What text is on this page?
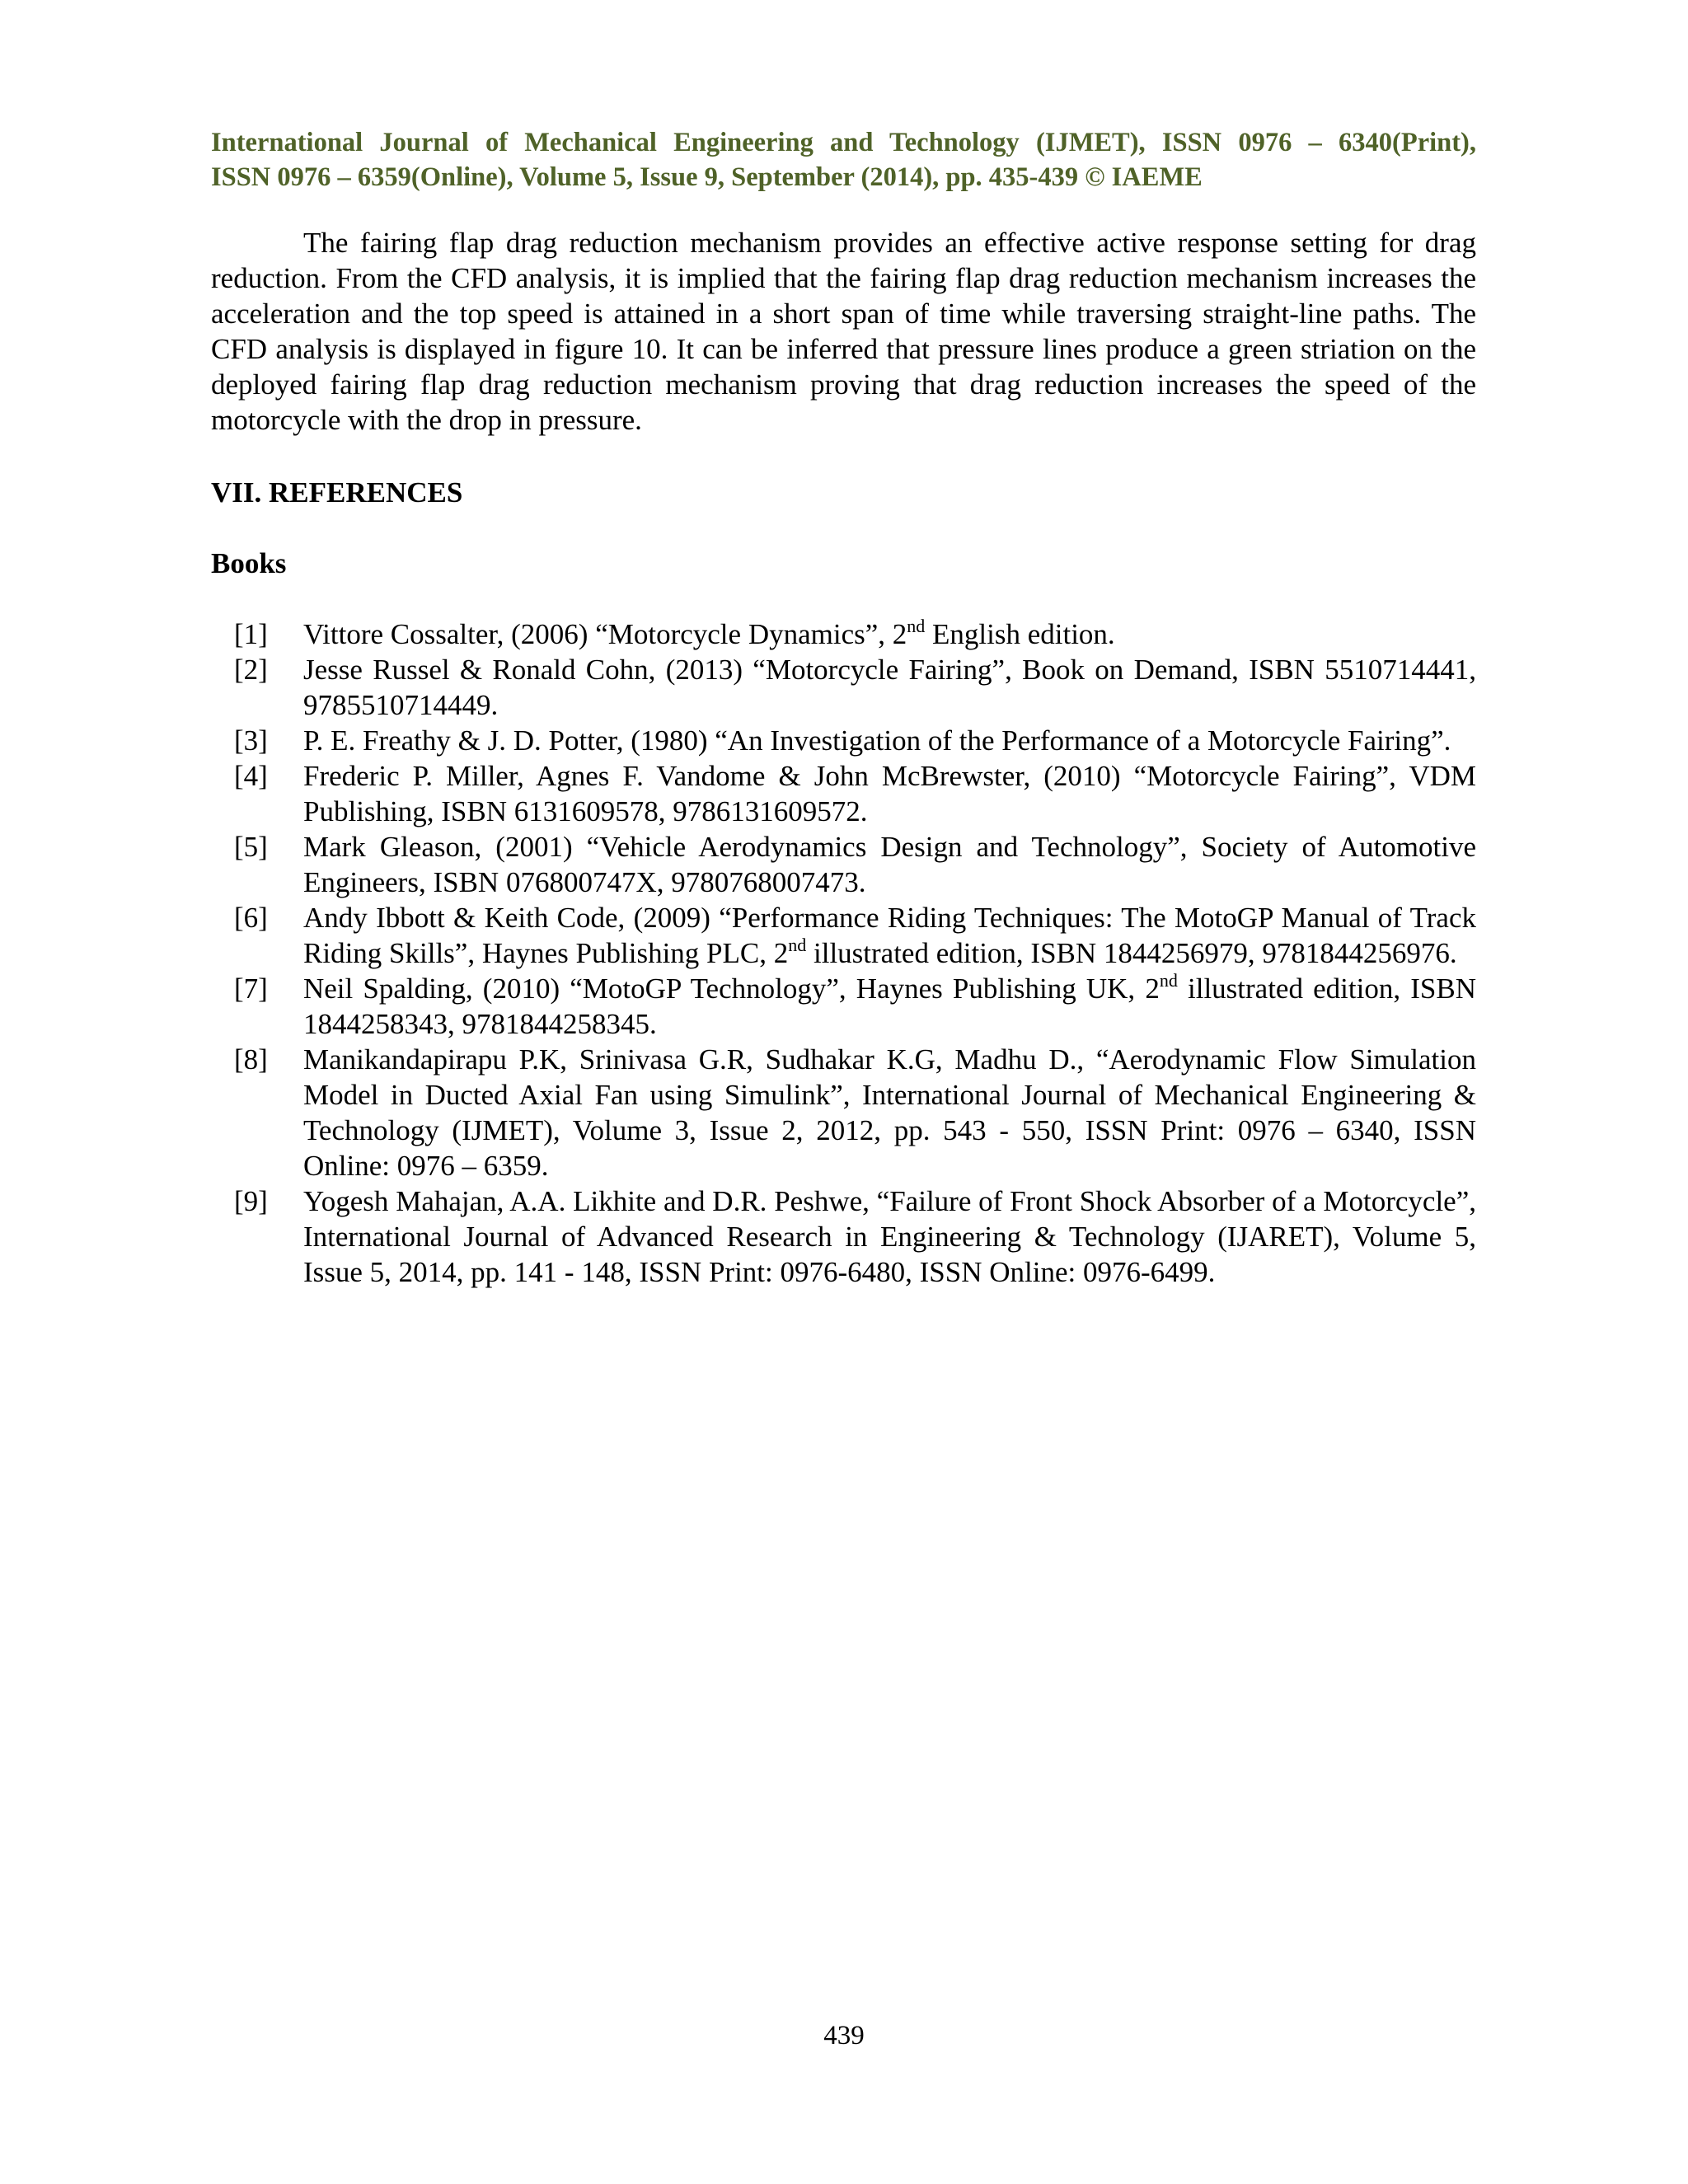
International Journal of Mechanical Engineering and Technology (IJMET), ISSN 0976 – 6340(Print),
ISSN 0976 – 6359(Online), Volume 5, Issue 9, September (2014), pp. 435-439 © IAEME

The fairing flap drag reduction mechanism provides an effective active response setting for drag reduction. From the CFD analysis, it is implied that the fairing flap drag reduction mechanism increases the acceleration and the top speed is attained in a short span of time while traversing straight-line paths. The CFD analysis is displayed in figure 10. It can be inferred that pressure lines produce a green striation on the deployed fairing flap drag reduction mechanism proving that drag reduction increases the speed of the motorcycle with the drop in pressure.

VII. REFERENCES
Books
[1] Vittore Cossalter, (2006) “Motorcycle Dynamics”, 2nd English edition.
[2] Jesse Russel & Ronald Cohn, (2013) “Motorcycle Fairing”, Book on Demand, ISBN 5510714441, 9785510714449.
[3] P. E. Freathy & J. D. Potter, (1980) “An Investigation of the Performance of a Motorcycle Fairing”.
[4] Frederic P. Miller, Agnes F. Vandome & John McBrewster, (2010) “Motorcycle Fairing”, VDM Publishing, ISBN 6131609578, 9786131609572.
[5] Mark Gleason, (2001) “Vehicle Aerodynamics Design and Technology”, Society of Automotive Engineers, ISBN 076800747X, 9780768007473.
[6] Andy Ibbott & Keith Code, (2009) “Performance Riding Techniques: The MotoGP Manual of Track Riding Skills”, Haynes Publishing PLC, 2nd illustrated edition, ISBN 1844256979, 9781844256976.
[7] Neil Spalding, (2010) “MotoGP Technology”, Haynes Publishing UK, 2nd illustrated edition, ISBN 1844258343, 9781844258345.
[8] Manikandapirapu P.K, Srinivasa G.R, Sudhakar K.G, Madhu D., “Aerodynamic Flow Simulation Model in Ducted Axial Fan using Simulink”, International Journal of Mechanical Engineering & Technology (IJMET), Volume 3, Issue 2, 2012, pp. 543 - 550, ISSN Print: 0976 – 6340, ISSN Online: 0976 – 6359.
[9] Yogesh Mahajan, A.A. Likhite and D.R. Peshwe, “Failure of Front Shock Absorber of a Motorcycle”, International Journal of Advanced Research in Engineering & Technology (IJARET), Volume 5, Issue 5, 2014, pp. 141 - 148, ISSN Print: 0976-6480, ISSN Online: 0976-6499.
439
